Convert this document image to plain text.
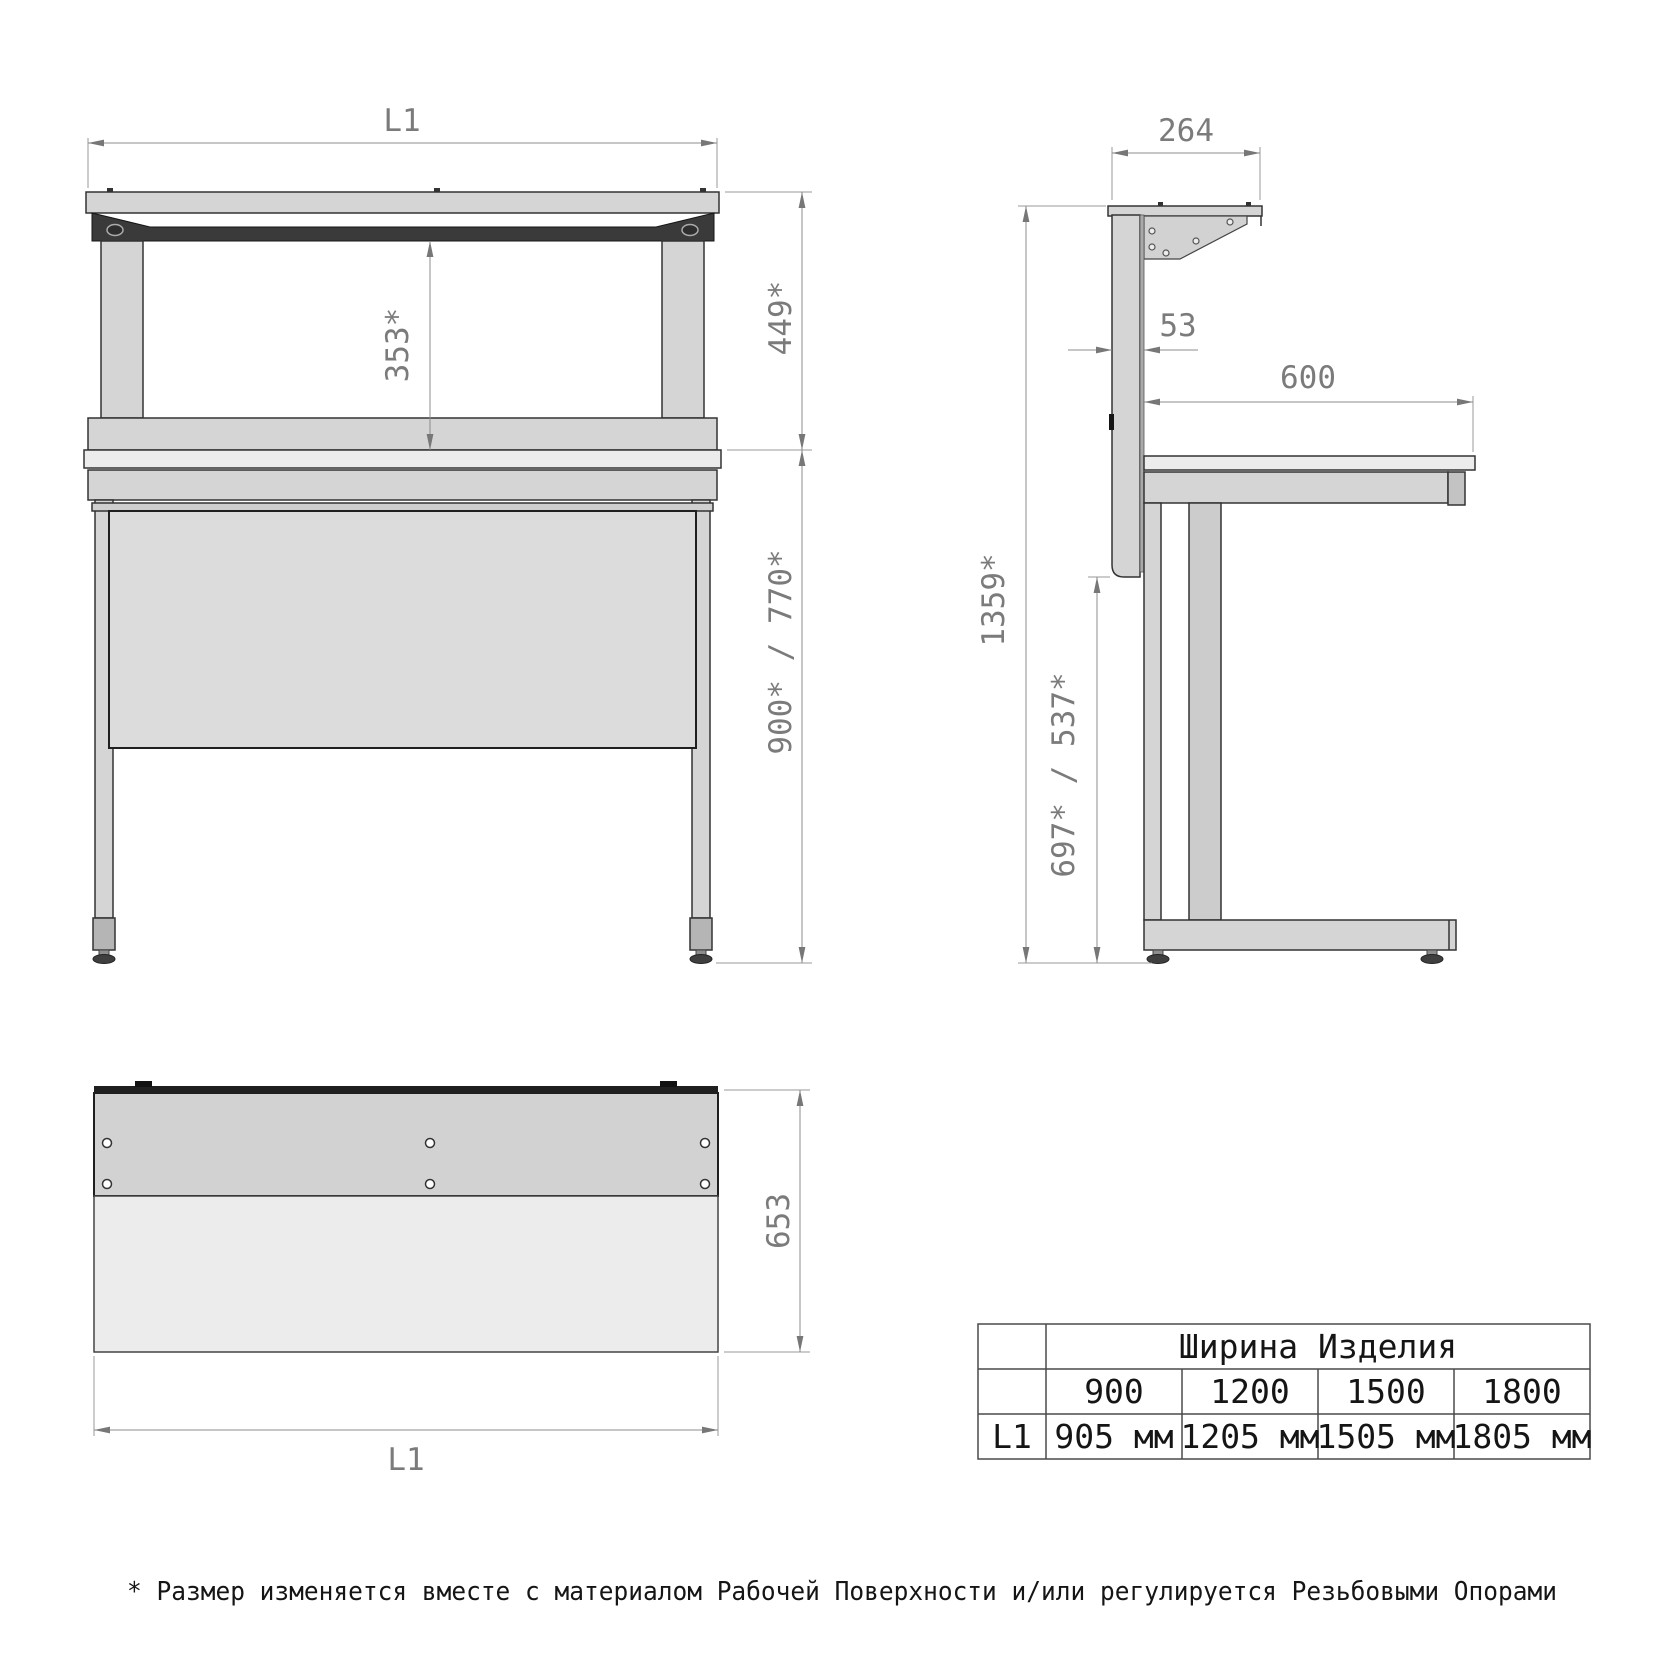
L1
353*	449*
900* / 770*
264
53
600
1359*
697* / 537*
653
L1
Ширина Изделия
900 1200 1500 1800
L1 905 мм 1205 мм
1505 мм
1805 мм
* Размер изменяется вместе с материалом Рабочей Поверхности и/или регулируется Резьбовыми Опорами
